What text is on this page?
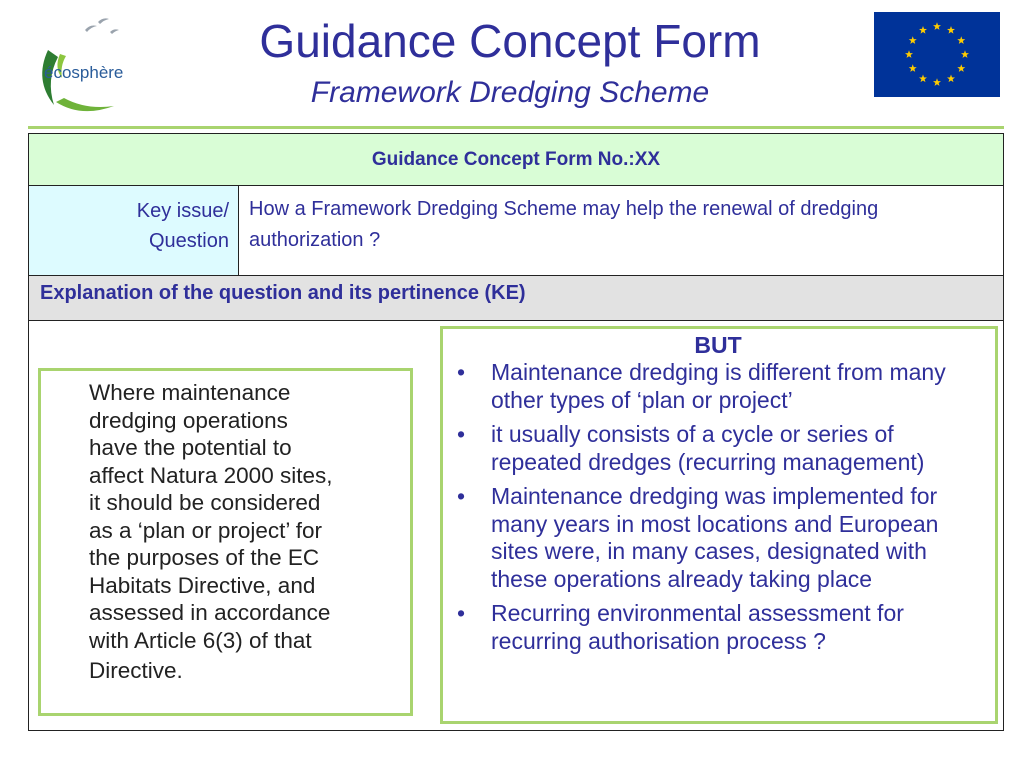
écosphère
Guidance Concept Form
Framework Dredging Scheme
Guidance Concept Form No.:XX
Key issue/
Question
How a Framework Dredging Scheme may help the renewal of dredging authorization ?
Explanation of the question and its pertinence (KE)
Where maintenance
dredging operations
have the potential to
affect Natura 2000 sites,
it should be considered
as a ‘plan or project’ for
the purposes of the EC
Habitats Directive, and
assessed in accordance
with Article 6(3) of that
Directive.
BUT
• Maintenance dredging is different from many other types of ‘plan or project’
• it usually consists of a cycle or series of repeated dredges (recurring management)
• Maintenance dredging was implemented for many years in most locations and European sites were, in many cases, designated with these operations already taking place
• Recurring environmental assessment for recurring authorisation process ?
